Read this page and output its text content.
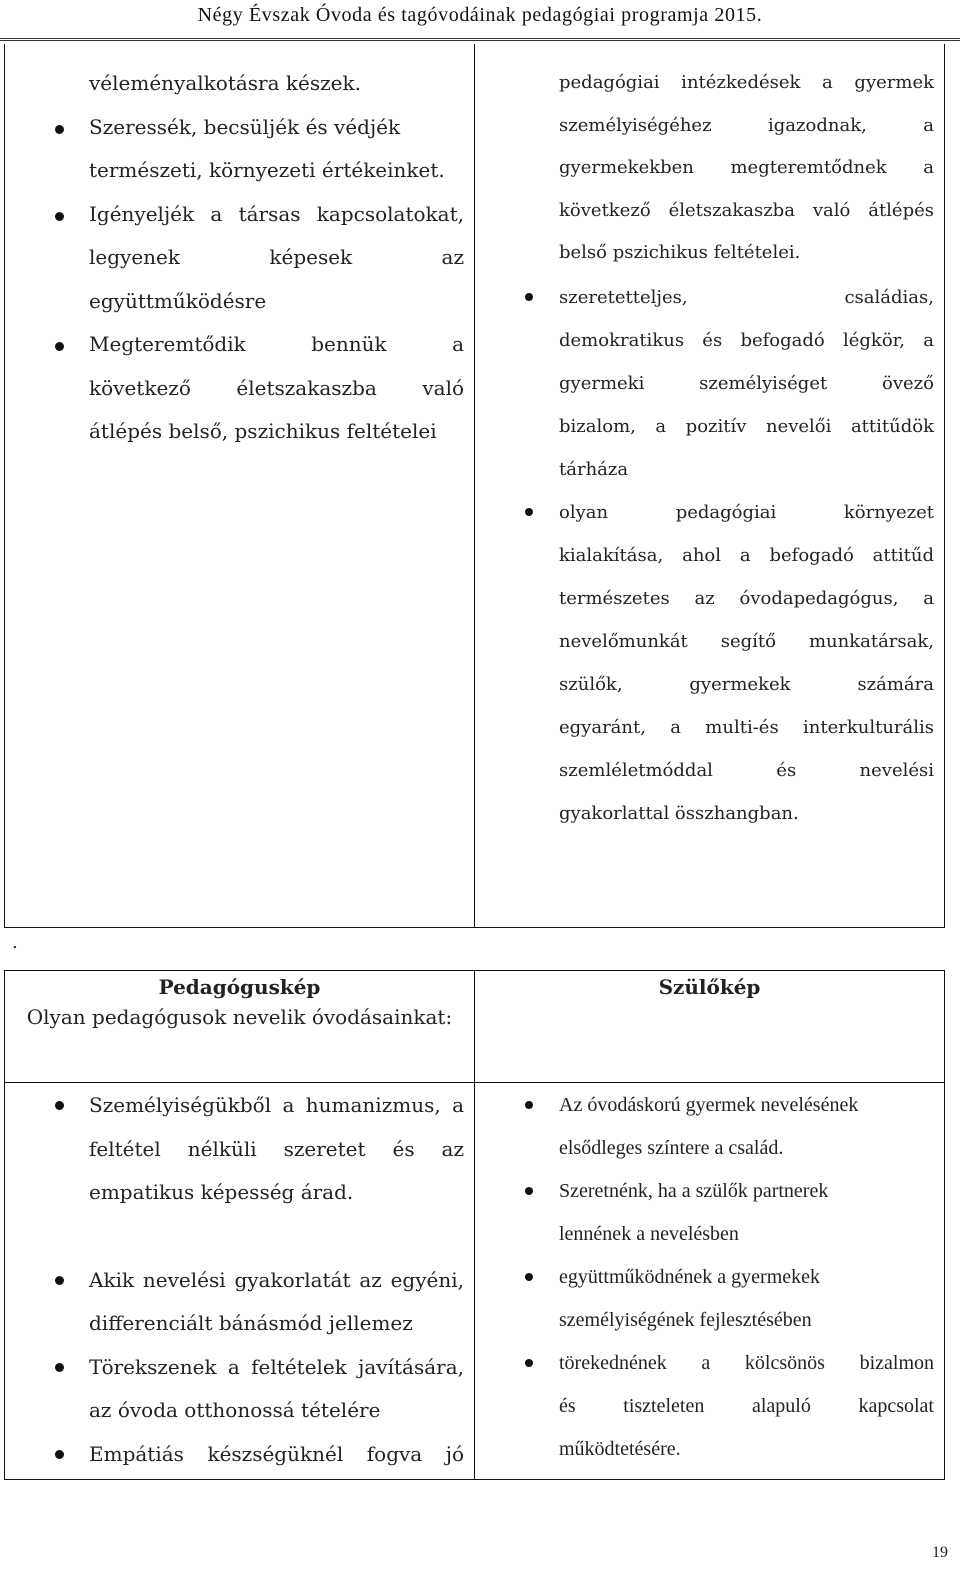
Négy Évszak Óvoda és tagóvodáinak pedagógiai programja 2015.
véleményalkotásra készek.
Szeressék, becsüljék és védjék
természeti, környezeti értékeinket.
Igényeljék a társas kapcsolatokat,
legyenek képesek az
együttműködésre
Megteremtődik bennük a
következő életszakaszba való
átlépés belső, pszichikus feltételei
pedagógiai intézkedések a gyermek
személyiségéhez igazodnak, a
gyermekekben megteremtődnek a
következő életszakaszba való átlépés
belső pszichikus feltételei.
szeretetteljes, családias,
demokratikus és befogadó légkör, a
gyermeki személyiséget övező
bizalom, a pozitív nevelői attitűdök
tárháza
olyan pedagógiai környezet
kialakítása, ahol a befogadó attitűd
természetes az óvodapedagógus, a
nevelőmunkát segítő munkatársak,
szülők, gyermekek számára
egyaránt, a multi-és interkulturális
szemléletmóddal és nevelési
gyakorlattal összhangban.
.
Pedagóguskép
Olyan pedagógusok nevelik óvodásainkat:
Szülőkép
Személyiségükből a humanizmus, a
feltétel nélküli szeretet és az
empatikus képesség árad.
Akik nevelési gyakorlatát az egyéni,
differenciált bánásmód jellemez
Törekszenek a feltételek javítására,
az óvoda otthonossá tételére
Empátiás készségüknél fogva jó
Az óvodáskorú gyermek nevelésének
elsődleges színtere a család.
Szeretnénk, ha a szülők partnerek
lennének a nevelésben
együttműködnének a gyermekek
személyiségének fejlesztésében
törekednének a kölcsönös bizalmon
és tiszteleten alapuló kapcsolat
működtetésére.
19
